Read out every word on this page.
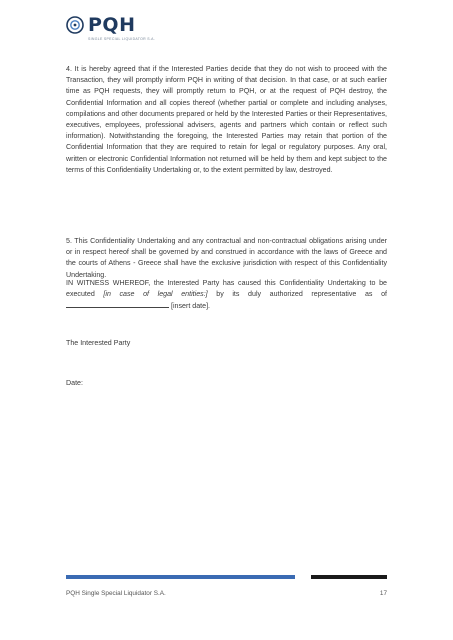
PQH
SINGLE SPECIAL LIQUIDATOR S.A.

4. It is hereby agreed that if the Interested Parties decide that they do not wish to proceed with the Transaction, they will promptly inform PQH in writing of that decision. In that case, or at such earlier time as PQH requests, they will promptly return to PQH, or at the request of PQH destroy, the Confidential Information and all copies thereof (whether partial or complete and including analyses, compilations and other documents prepared or held by the Interested Parties or their Representatives, executives, employees, professional advisers, agents and partners which contain or reflect such information). Notwithstanding the foregoing, the Interested Parties may retain that portion of the Confidential Information that they are required to retain for legal or regulatory purposes. Any oral, written or electronic Confidential Information not returned will be held by them and kept subject to the terms of this Confidentiality Undertaking or, to the extent permitted by law, destroyed.

5. This Confidentiality Undertaking and any contractual and non-contractual obligations arising under or in respect hereof shall be governed by and construed in accordance with the laws of Greece and the courts of Athens - Greece shall have the exclusive jurisdiction with respect of this Confidentiality Undertaking.

IN WITNESS WHEREOF, the Interested Party has caused this Confidentiality Undertaking to be executed [in case of legal entities:] by its duly authorized representative as of  [insert date].

The Interested Party

Date:

PQH Single Special Liquidator S.A.	17
